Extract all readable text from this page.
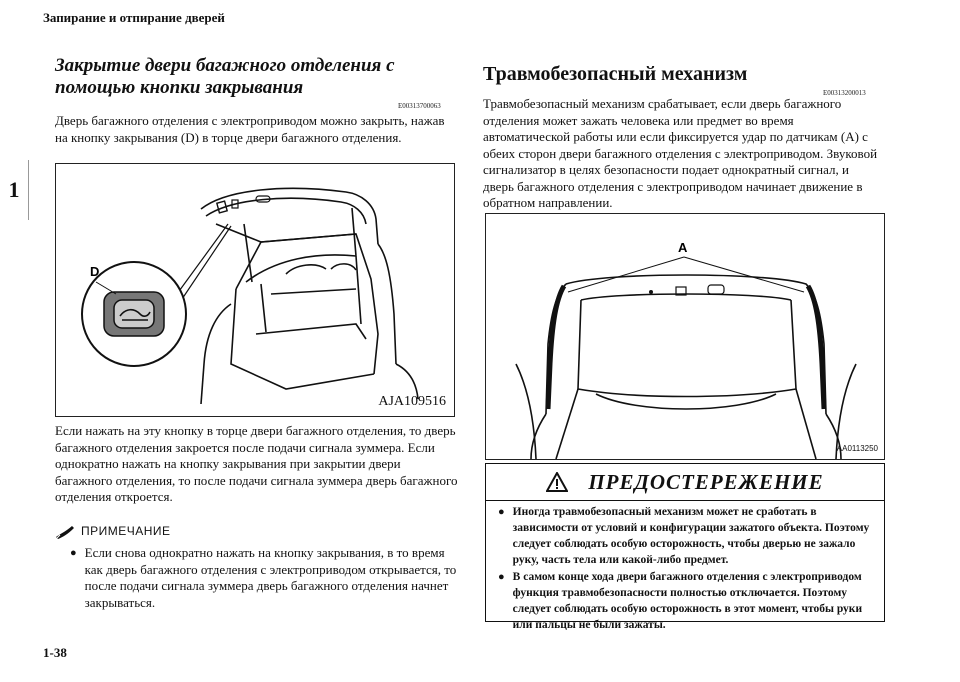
Запирание и отпирание дверей
1
Закрытие двери багажного отделения с помощью кнопки закрывания
E00313700063
Дверь багажного отделения с электроприводом можно закрыть, нажав на кнопку закрывания (D) в торце двери багажного отделения.
D
AJA109516
Если нажать на эту кнопку в торце двери багажного отделения, то дверь багажного отделения закроется после подачи сигнала зуммера. Если однократно нажать на кнопку закрывания при закрытии двери багажного отделения, то после подачи сигнала зуммера дверь багажного отделения откроется.
ПРИМЕЧАНИЕ
● Если снова однократно нажать на кнопку закрывания, в то время как дверь багажного отделения с электроприводом открывается, то после подачи сигнала зуммера дверь багажного отделения начнет закрываться.
Травмобезопасный механизм
E00313200013
Травмобезопасный механизм срабатывает, если дверь багажного отделения может зажать человека или предмет во время автоматической работы или если фиксируется удар по датчикам (A) с обеих сторон двери багажного отделения с электроприводом. Звуковой сигнализатор в целях безопасности подает однократный сигнал, и дверь багажного отделения с электроприводом начинает движение в обратном направлении.
A
AA0113250
ПРЕДОСТЕРЕЖЕНИЕ
● Иногда травмобезопасный механизм может не сработать в зависимости от условий и конфигурации зажатого объекта. Поэтому следует соблюдать особую осторожность, чтобы дверью не зажало руку, часть тела или какой-либо предмет.
● В самом конце хода двери багажного отделения с электроприводом функция травмобезопасности полностью отключается. Поэтому следует соблюдать особую осторожность в этот момент, чтобы руки или пальцы не были зажаты.
1-38
